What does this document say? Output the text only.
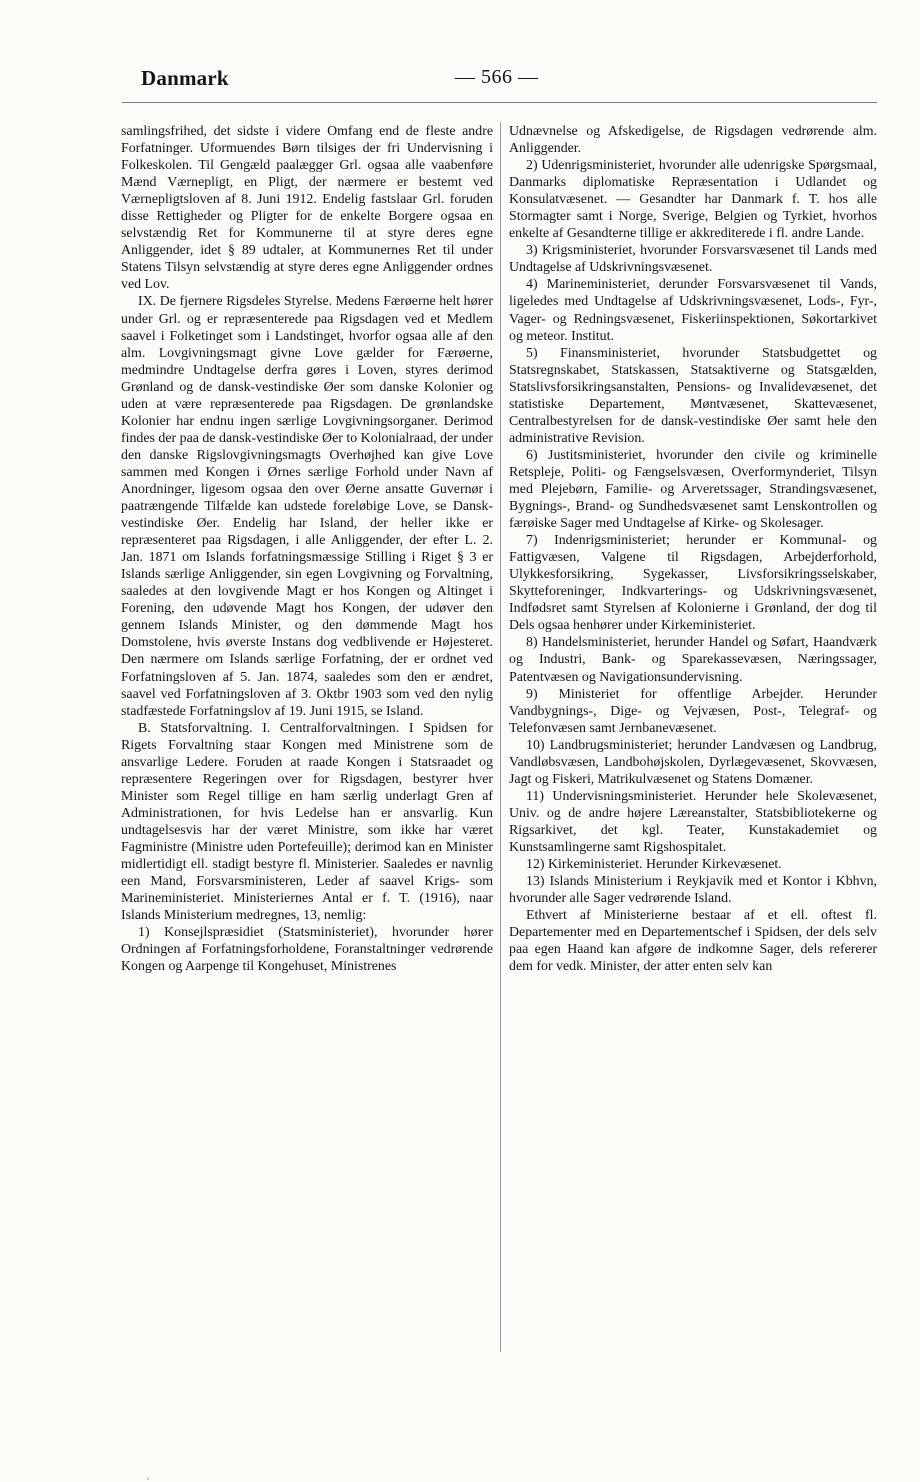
Danmark	— 566 —

samlingsfrihed, det sidste i videre Omfang end de fleste andre Forfatninger. Uformuendes Børn tilsiges der fri Undervisning i Folkeskolen. Til Gengæld paalægger Grl. ogsaa alle vaabenføre Mænd Værnepligt, en Pligt, der nærmere er bestemt ved Værnepligtsloven af 8. Juni 1912. Endelig fastslaar Grl. foruden disse Rettigheder og Pligter for de enkelte Borgere ogsaa en selvstændig Ret for Kommunerne til at styre deres egne Anliggender, idet § 89 udtaler, at Kommunernes Ret til under Statens Tilsyn selvstændig at styre deres egne Anliggender ordnes ved Lov.

IX. De fjernere Rigsdeles Styrelse. Medens Færøerne helt hører under Grl. og er repræsenterede paa Rigsdagen ved et Medlem saavel i Folketinget som i Landstinget, hvorfor ogsaa alle af den alm. Lovgivningsmagt givne Love gælder for Færøerne, medmindre Undtagelse derfra gøres i Loven, styres derimod Grønland og de dansk-vestindiske Øer som danske Kolonier og uden at være repræsenterede paa Rigsdagen. De grønlandske Kolonier har endnu ingen særlige Lovgivningsorganer. Derimod findes der paa de dansk-vestindiske Øer to Kolonialraad, der under den danske Rigslovgivningsmagts Overhøjhed kan give Love sammen med Kongen i Ørnes særlige Forhold under Navn af Anordninger, ligesom ogsaa den over Øerne ansatte Guvernør i paatrængende Tilfælde kan udstede foreløbige Love, se Dansk-vestindiske Øer. Endelig har Island, der heller ikke er repræsenteret paa Rigsdagen, i alle Anliggender, der efter L. 2. Jan. 1871 om Islands forfatningsmæssige Stilling i Riget § 3 er Islands særlige Anliggender, sin egen Lovgivning og Forvaltning, saaledes at den lovgivende Magt er hos Kongen og Altinget i Forening, den udøvende Magt hos Kongen, der udøver den gennem Islands Minister, og den dømmende Magt hos Domstolene, hvis øverste Instans dog vedblivende er Højesteret. Den nærmere om Islands særlige Forfatning, der er ordnet ved Forfatningsloven af 5. Jan. 1874, saaledes som den er ændret, saavel ved Forfatningsloven af 3. Oktbr 1903 som ved den nylig stadfæstede Forfatningslov af 19. Juni 1915, se Island.

B. Statsforvaltning. I. Centralforvaltningen. I Spidsen for Rigets Forvaltning staar Kongen med Ministrene som de ansvarlige Ledere. Foruden at raade Kongen i Statsraadet og repræsentere Regeringen over for Rigsdagen, bestyrer hver Minister som Regel tillige en ham særlig underlagt Gren af Administrationen, for hvis Ledelse han er ansvarlig. Kun undtagelsesvis har der været Ministre, som ikke har været Fagministre (Ministre uden Portefeuille); derimod kan en Minister midlertidigt ell. stadigt bestyre fl. Ministerier. Saaledes er navnlig een Mand, Forsvarsministeren, Leder af saavel Krigs- som Marineministeriet. Ministeriernes Antal er f. T. (1916), naar Islands Ministerium medregnes, 13, nemlig:

1) Konsejlspræsidiet (Statsministeriet), hvorunder hører Ordningen af Forfatningsforholdene, Foranstaltninger vedrørende Kongen og Aarpenge til Kongehuset, Ministrenes

Udnævnelse og Afskedigelse, de Rigsdagen vedrørende alm. Anliggender.

2) Udenrigsministeriet, hvorunder alle udenrigske Spørgsmaal, Danmarks diplomatiske Repræsentation i Udlandet og Konsulatvæsenet. — Gesandter har Danmark f. T. hos alle Stormagter samt i Norge, Sverige, Belgien og Tyrkiet, hvorhos enkelte af Gesandterne tillige er akkrediterede i fl. andre Lande.

3) Krigsministeriet, hvorunder Forsvarsvæsenet til Lands med Undtagelse af Udskrivningsvæsenet.

4) Marineministeriet, derunder Forsvarsvæsenet til Vands, ligeledes med Undtagelse af Udskrivningsvæsenet, Lods-, Fyr-, Vager- og Redningsvæsenet, Fiskeriinspektionen, Søkortarkivet og meteor. Institut.

5) Finansministeriet, hvorunder Statsbudgettet og Statsregnskabet, Statskassen, Statsaktiverne og Statsgælden, Statslivsforsikringsanstalten, Pensions- og Invalidevæsenet, det statistiske Departement, Møntvæsenet, Skattevæsenet, Centralbestyrelsen for de dansk-vestindiske Øer samt hele den administrative Revision.

6) Justitsministeriet, hvorunder den civile og kriminelle Retspleje, Politi- og Fængselsvæsen, Overformynderiet, Tilsyn med Plejebørn, Familie- og Arveretssager, Strandingsvæsenet, Bygnings-, Brand- og Sundhedsvæsenet samt Lenskontrollen og færøiske Sager med Undtagelse af Kirke- og Skolesager.

7) Indenrigsministeriet; herunder er Kommunal- og Fattigvæsen, Valgene til Rigsdagen, Arbejderforhold, Ulykkesforsikring, Sygekasser, Livsforsikringsselskaber, Skytteforeninger, Indkvarterings- og Udskrivningsvæsenet, Indfødsret samt Styrelsen af Kolonierne i Grønland, der dog til Dels ogsaa henhører under Kirkeministeriet.

8) Handelsministeriet, herunder Handel og Søfart, Haandværk og Industri, Bank- og Sparekassevæsen, Næringssager, Patentvæsen og Navigationsundervisning.

9) Ministeriet for offentlige Arbejder. Herunder Vandbygnings-, Dige- og Vejvæsen, Post-, Telegraf- og Telefonvæsen samt Jernbanevæsenet.

10) Landbrugsministeriet; herunder Landvæsen og Landbrug, Vandløbsvæsen, Landbohøjskolen, Dyrlægevæsenet, Skovvæsen, Jagt og Fiskeri, Matrikulvæsenet og Statens Domæner.

11) Undervisningsministeriet. Herunder hele Skolevæsenet, Univ. og de andre højere Læreanstalter, Statsbibliotekerne og Rigsarkivet, det kgl. Teater, Kunstakademiet og Kunstsamlingerne samt Rigshospitalet.

12) Kirkeministeriet. Herunder Kirkevæsenet.

13) Islands Ministerium i Reykjavik med et Kontor i Kbhvn, hvorunder alle Sager vedrørende Island.

Ethvert af Ministerierne bestaar af et ell. oftest fl. Departementer med en Departementschef i Spidsen, der dels selv paa egen Haand kan afgøre de indkomne Sager, dels refererer dem for vedk. Minister, der atter enten selv kan

ˌ
